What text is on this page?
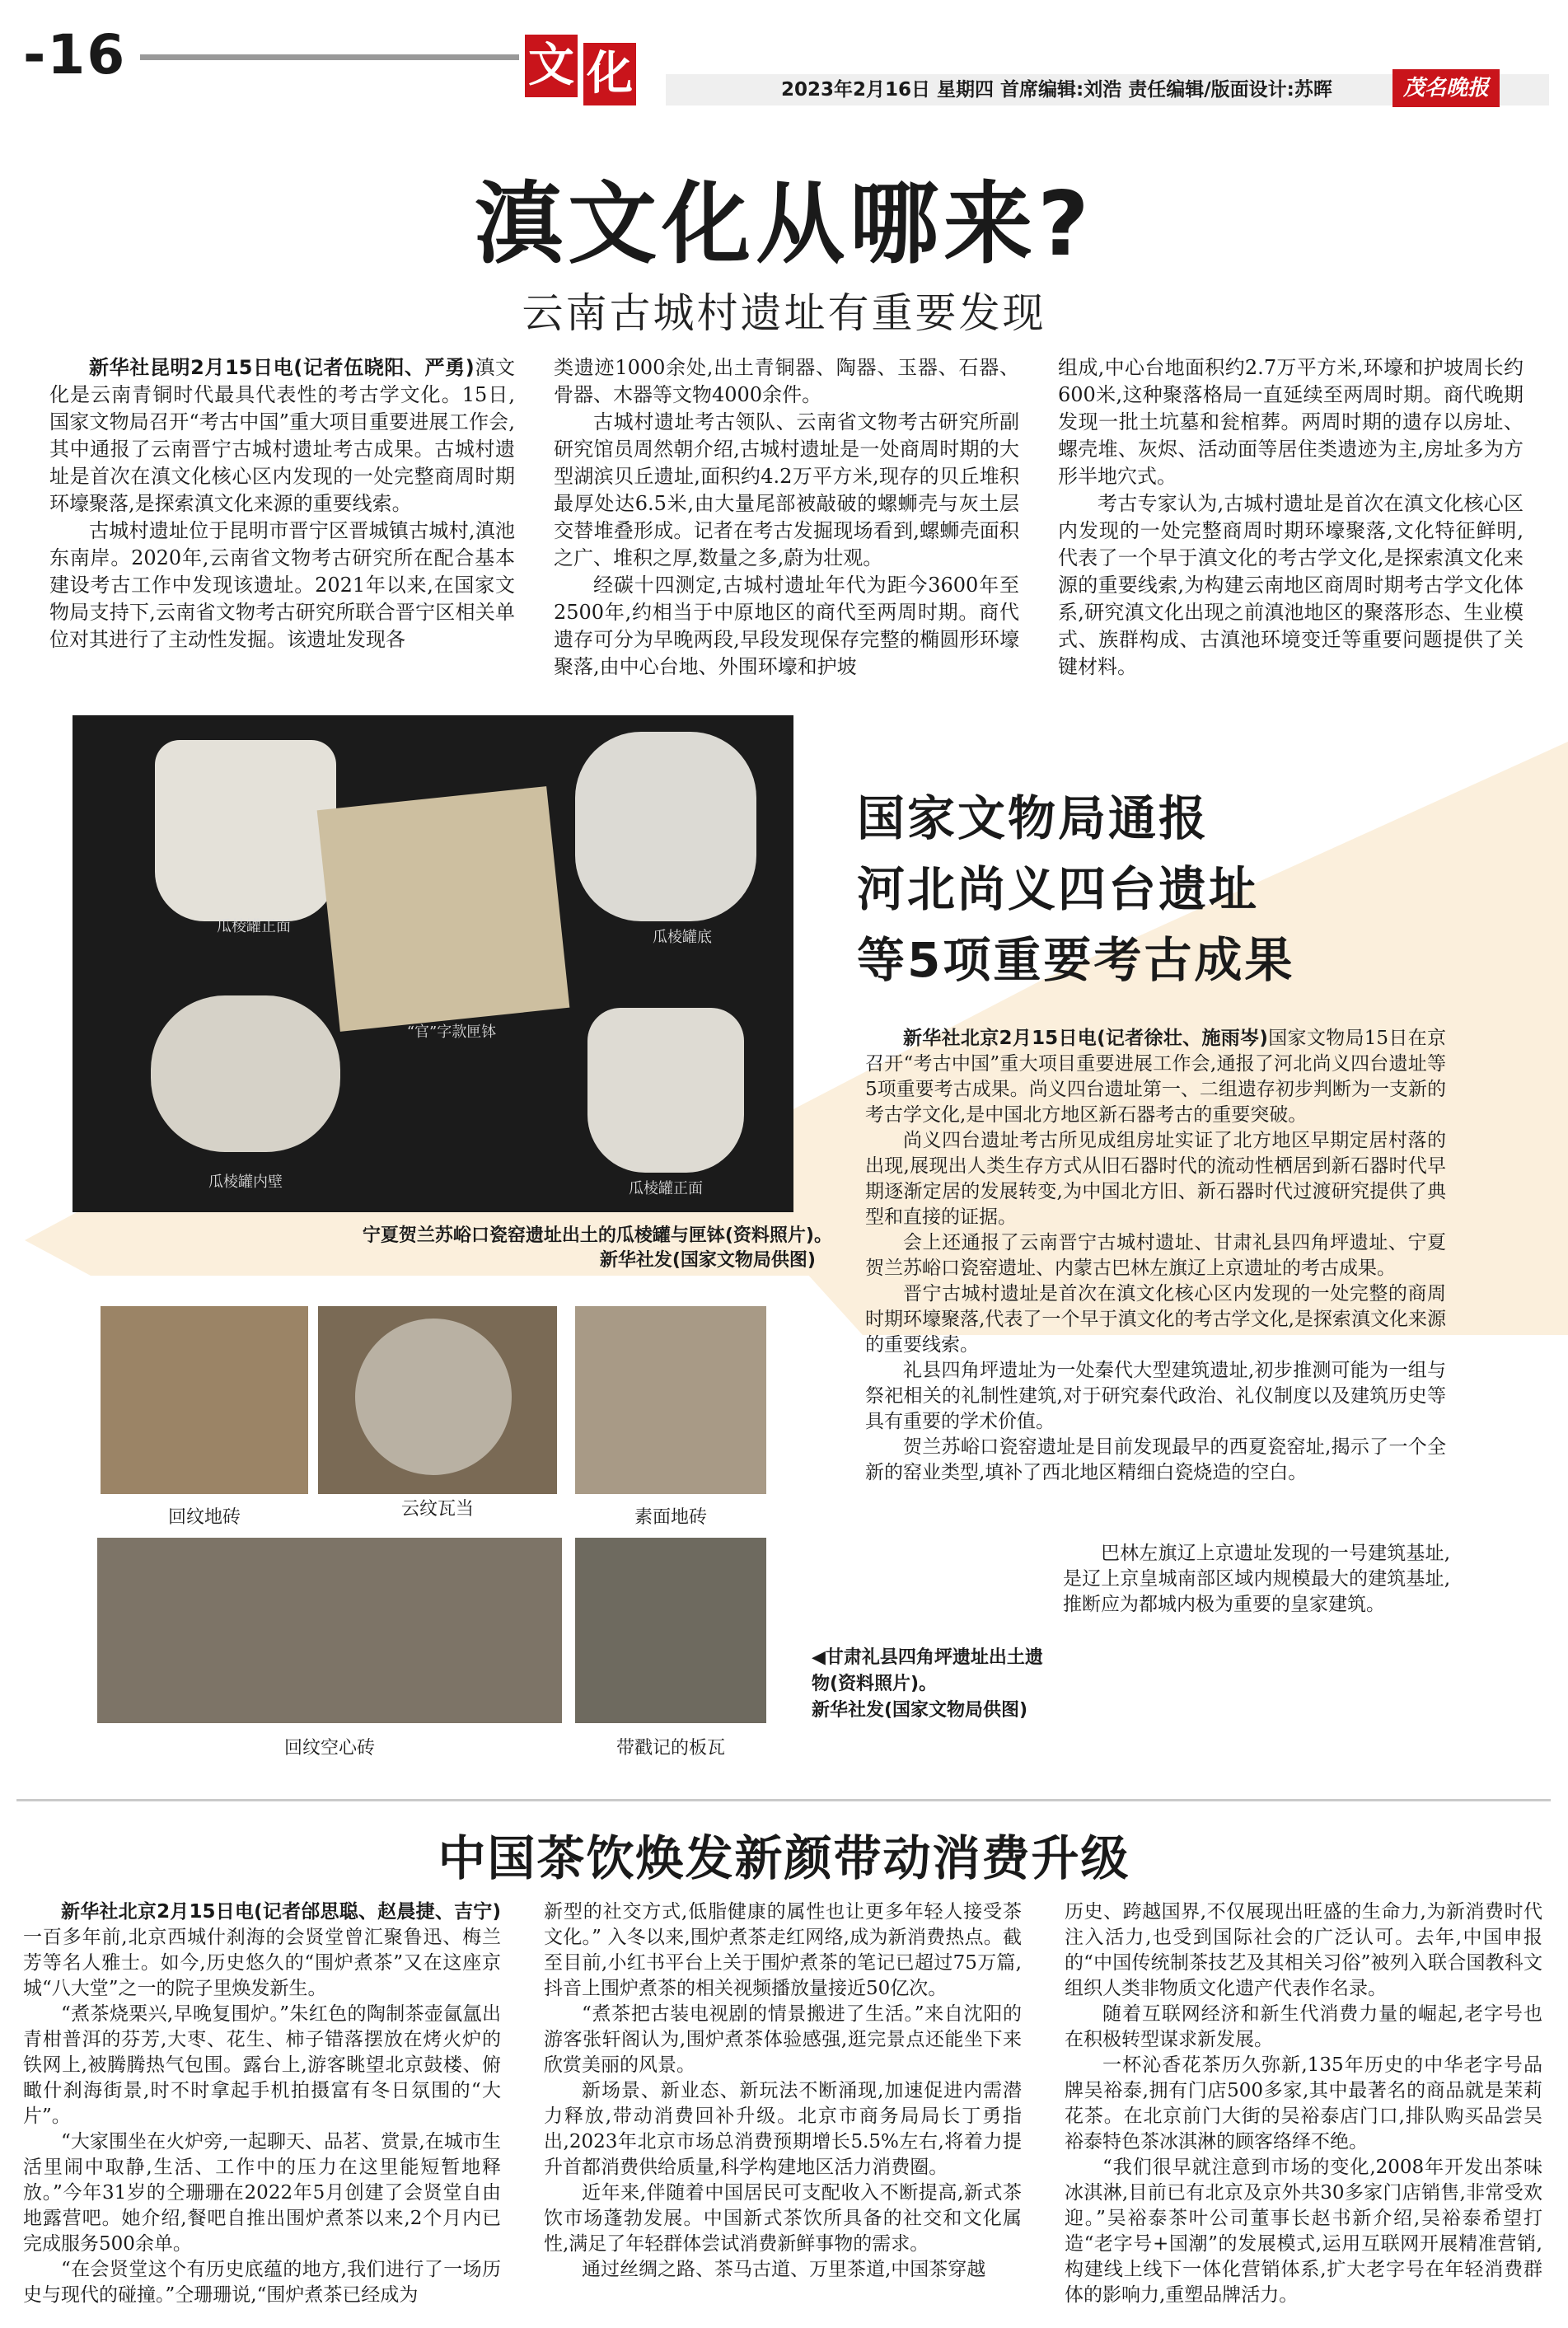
-16	文 化	2023年2月16日 星期四 首席编辑:刘浩 责任编辑/版面设计:苏晖	茂名晚报
滇文化从哪来?
云南古城村遗址有重要发现

新华社昆明2月15日电(记者伍晓阳、严勇)滇文化是云南青铜时代最具代表性的考古学文化。15日,国家文物局召开“考古中国”重大项目重要进展工作会,其中通报了云南晋宁古城村遗址考古成果。古城村遗址是首次在滇文化核心区内发现的一处完整商周时期环壕聚落,是探索滇文化来源的重要线索。

古城村遗址位于昆明市晋宁区晋城镇古城村,滇池东南岸。2020年,云南省文物考古研究所在配合基本建设考古工作中发现该遗址。2021年以来,在国家文物局支持下,云南省文物考古研究所联合晋宁区相关单位对其进行了主动性发掘。该遗址发现各

类遗迹1000余处,出土青铜器、陶器、玉器、石器、骨器、木器等文物4000余件。

古城村遗址考古领队、云南省文物考古研究所副研究馆员周然朝介绍,古城村遗址是一处商周时期的大型湖滨贝丘遗址,面积约4.2万平方米,现存的贝丘堆积最厚处达6.5米,由大量尾部被敲破的螺蛳壳与灰土层交替堆叠形成。记者在考古发掘现场看到,螺蛳壳面积之广、堆积之厚,数量之多,蔚为壮观。

经碳十四测定,古城村遗址年代为距今3600年至2500年,约相当于中原地区的商代至两周时期。商代遗存可分为早晚两段,早段发现保存完整的椭圆形环壕聚落,由中心台地、外围环壕和护坡

组成,中心台地面积约2.7万平方米,环壕和护坡周长约600米,这种聚落格局一直延续至两周时期。商代晚期发现一批土坑墓和瓮棺葬。两周时期的遗存以房址、螺壳堆、灰烬、活动面等居住类遗迹为主,房址多为方形半地穴式。

考古专家认为,古城村遗址是首次在滇文化核心区内发现的一处完整商周时期环壕聚落,文化特征鲜明,代表了一个早于滇文化的考古学文化,是探索滇文化来源的重要线索,为构建云南地区商周时期考古学文化体系,研究滇文化出现之前滇池地区的聚落形态、生业模式、族群构成、古滇池环境变迁等重要问题提供了关键材料。

瓜棱罐正面
瓜棱罐底
“官”字款匣钵
瓜棱罐内壁	瓜棱罐正面
宁夏贺兰苏峪口瓷窑遗址出土的瓜棱罐与匣钵(资料照片)。
新华社发(国家文物局供图)
国家文物局通报
河北尚义四台遗址
等5项重要考古成果

新华社北京2月15日电(记者徐壮、施雨岑)国家文物局15日在京召开“考古中国”重大项目重要进展工作会,通报了河北尚义四台遗址等5项重要考古成果。尚义四台遗址第一、二组遗存初步判断为一支新的考古学文化,是中国北方地区新石器考古的重要突破。

尚义四台遗址考古所见成组房址实证了北方地区早期定居村落的出现,展现出人类生存方式从旧石器时代的流动性栖居到新石器时代早期逐渐定居的发展转变,为中国北方旧、新石器时代过渡研究提供了典型和直接的证据。

会上还通报了云南晋宁古城村遗址、甘肃礼县四角坪遗址、宁夏贺兰苏峪口瓷窑遗址、内蒙古巴林左旗辽上京遗址的考古成果。

晋宁古城村遗址是首次在滇文化核心区内发现的一处完整的商周时期环壕聚落,代表了一个早于滇文化的考古学文化,是探索滇文化来源的重要线索。

礼县四角坪遗址为一处秦代大型建筑遗址,初步推测可能为一组与祭祀相关的礼制性建筑,对于研究秦代政治、礼仪制度以及建筑历史等具有重要的学术价值。

贺兰苏峪口瓷窑遗址是目前发现最早的西夏瓷窑址,揭示了一个全新的窑业类型,填补了西北地区精细白瓷烧造的空白。

巴林左旗辽上京遗址发现的一号建筑基址,是辽上京皇城南部区域内规模最大的建筑基址,推断应为都城内极为重要的皇家建筑。

回纹地砖	云纹瓦当	素面地砖
回纹空心砖	带戳记的板瓦
◀甘肃礼县四角坪遗址出土遗物(资料照片)。
新华社发(国家文物局供图)
中国茶饮焕发新颜带动消费升级

新华社北京2月15日电(记者邰思聪、赵晨捷、吉宁)一百多年前,北京西城什刹海的会贤堂曾汇聚鲁迅、梅兰芳等名人雅士。如今,历史悠久的“围炉煮茶”又在这座京城“八大堂”之一的院子里焕发新生。

“煮茶烧栗兴,早晚复围炉。”朱红色的陶制茶壶氤氲出青柑普洱的芬芳,大枣、花生、柿子错落摆放在烤火炉的铁网上,被腾腾热气包围。露台上,游客眺望北京鼓楼、俯瞰什刹海街景,时不时拿起手机拍摄富有冬日氛围的“大片”。

“大家围坐在火炉旁,一起聊天、品茗、赏景,在城市生活里闹中取静,生活、工作中的压力在这里能短暂地释放。”今年31岁的仝珊珊在2022年5月创建了会贤堂自由地露营吧。她介绍,餐吧自推出围炉煮茶以来,2个月内已完成服务500余单。

“在会贤堂这个有历史底蕴的地方,我们进行了一场历史与现代的碰撞。”仝珊珊说,“围炉煮茶已经成为

新型的社交方式,低脂健康的属性也让更多年轻人接受茶文化。” 入冬以来,围炉煮茶走红网络,成为新消费热点。截至目前,小红书平台上关于围炉煮茶的笔记已超过75万篇,抖音上围炉煮茶的相关视频播放量接近50亿次。

“煮茶把古装电视剧的情景搬进了生活。”来自沈阳的游客张轩阁认为,围炉煮茶体验感强,逛完景点还能坐下来欣赏美丽的风景。

新场景、新业态、新玩法不断涌现,加速促进内需潜力释放,带动消费回补升级。北京市商务局局长丁勇指出,2023年北京市场总消费预期增长5.5%左右,将着力提升首都消费供给质量,科学构建地区活力消费圈。

近年来,伴随着中国居民可支配收入不断提高,新式茶饮市场蓬勃发展。中国新式茶饮所具备的社交和文化属性,满足了年轻群体尝试消费新鲜事物的需求。

通过丝绸之路、茶马古道、万里茶道,中国茶穿越

历史、跨越国界,不仅展现出旺盛的生命力,为新消费时代注入活力,也受到国际社会的广泛认可。去年,中国申报的“中国传统制茶技艺及其相关习俗”被列入联合国教科文组织人类非物质文化遗产代表作名录。

随着互联网经济和新生代消费力量的崛起,老字号也在积极转型谋求新发展。

一杯沁香花茶历久弥新,135年历史的中华老字号品牌吴裕泰,拥有门店500多家,其中最著名的商品就是茉莉花茶。在北京前门大街的吴裕泰店门口,排队购买品尝吴裕泰特色茶冰淇淋的顾客络绎不绝。

“我们很早就注意到市场的变化,2008年开发出茶味冰淇淋,目前已有北京及京外共30多家门店销售,非常受欢迎。”吴裕泰茶叶公司董事长赵书新介绍,吴裕泰希望打造“老字号+国潮”的发展模式,运用互联网开展精准营销,构建线上线下一体化营销体系,扩大老字号在年轻消费群体的影响力,重塑品牌活力。
